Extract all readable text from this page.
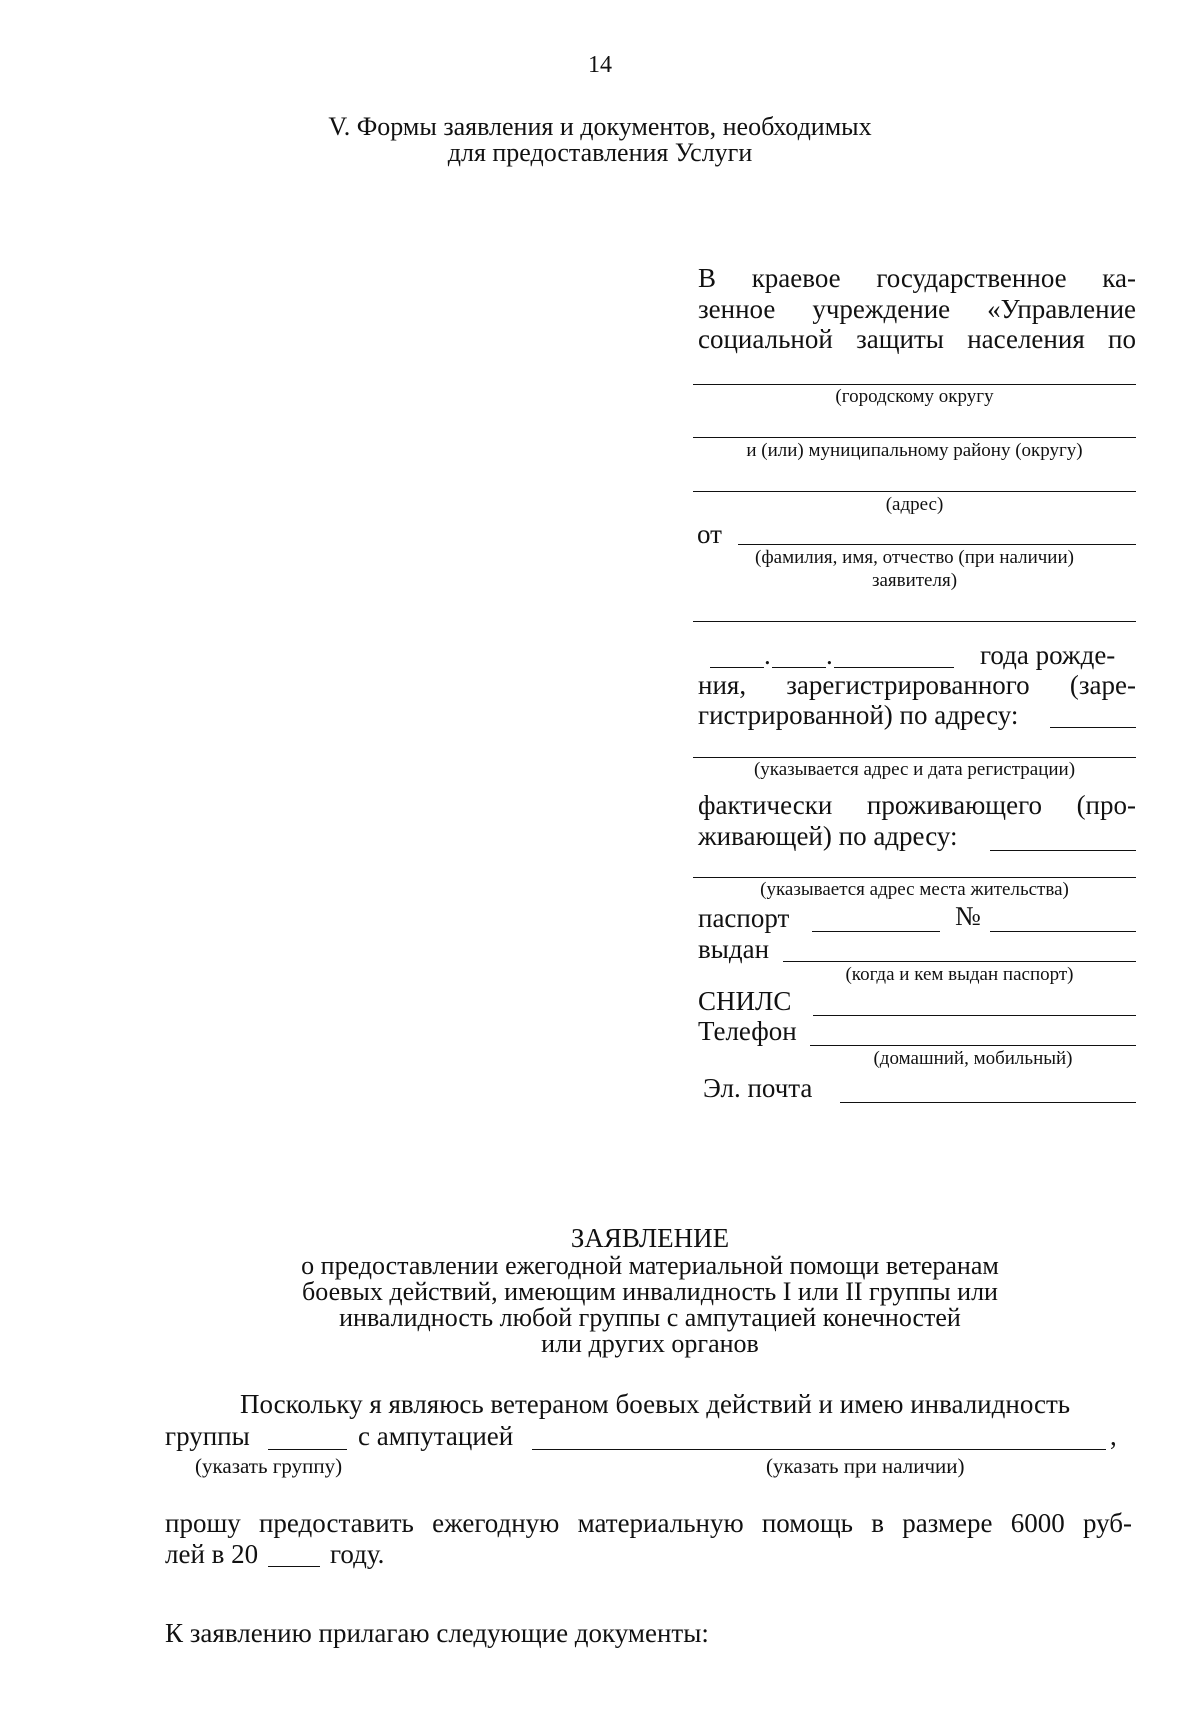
14
V. Формы заявления и документов, необходимых
для предоставления Услуги
В краевое государственное ка-
зенное учреждение «Управление
социальной защиты населения по
(городскому округу
и (или) муниципальному району (округу)
(адрес)
от
(фамилия, имя, отчество (при наличии)
заявителя)
. .	года рожде-
ния, зарегистрированного (заре-
гистрированной) по адресу:
(указывается адрес и дата регистрации)
фактически проживающего (про-
живающей) по адресу:
(указывается адрес места жительства)
паспорт	№
выдан
(когда и кем выдан паспорт)
СНИЛС
Телефон
(домашний, мобильный)
Эл. почта
ЗАЯВЛЕНИЕ
о предоставлении ежегодной материальной помощи ветеранам
боевых действий, имеющим инвалидность I или II группы или
инвалидность любой группы с ампутацией конечностей
или других органов
Поскольку я являюсь ветераном боевых действий и имею инвалидность
группы	с ампутацией	,
(указать группу)	(указать при наличии)
прошу предоставить ежегодную материальную помощь в размере 6000 руб-
лей в 20	году.
К заявлению прилагаю следующие документы:
